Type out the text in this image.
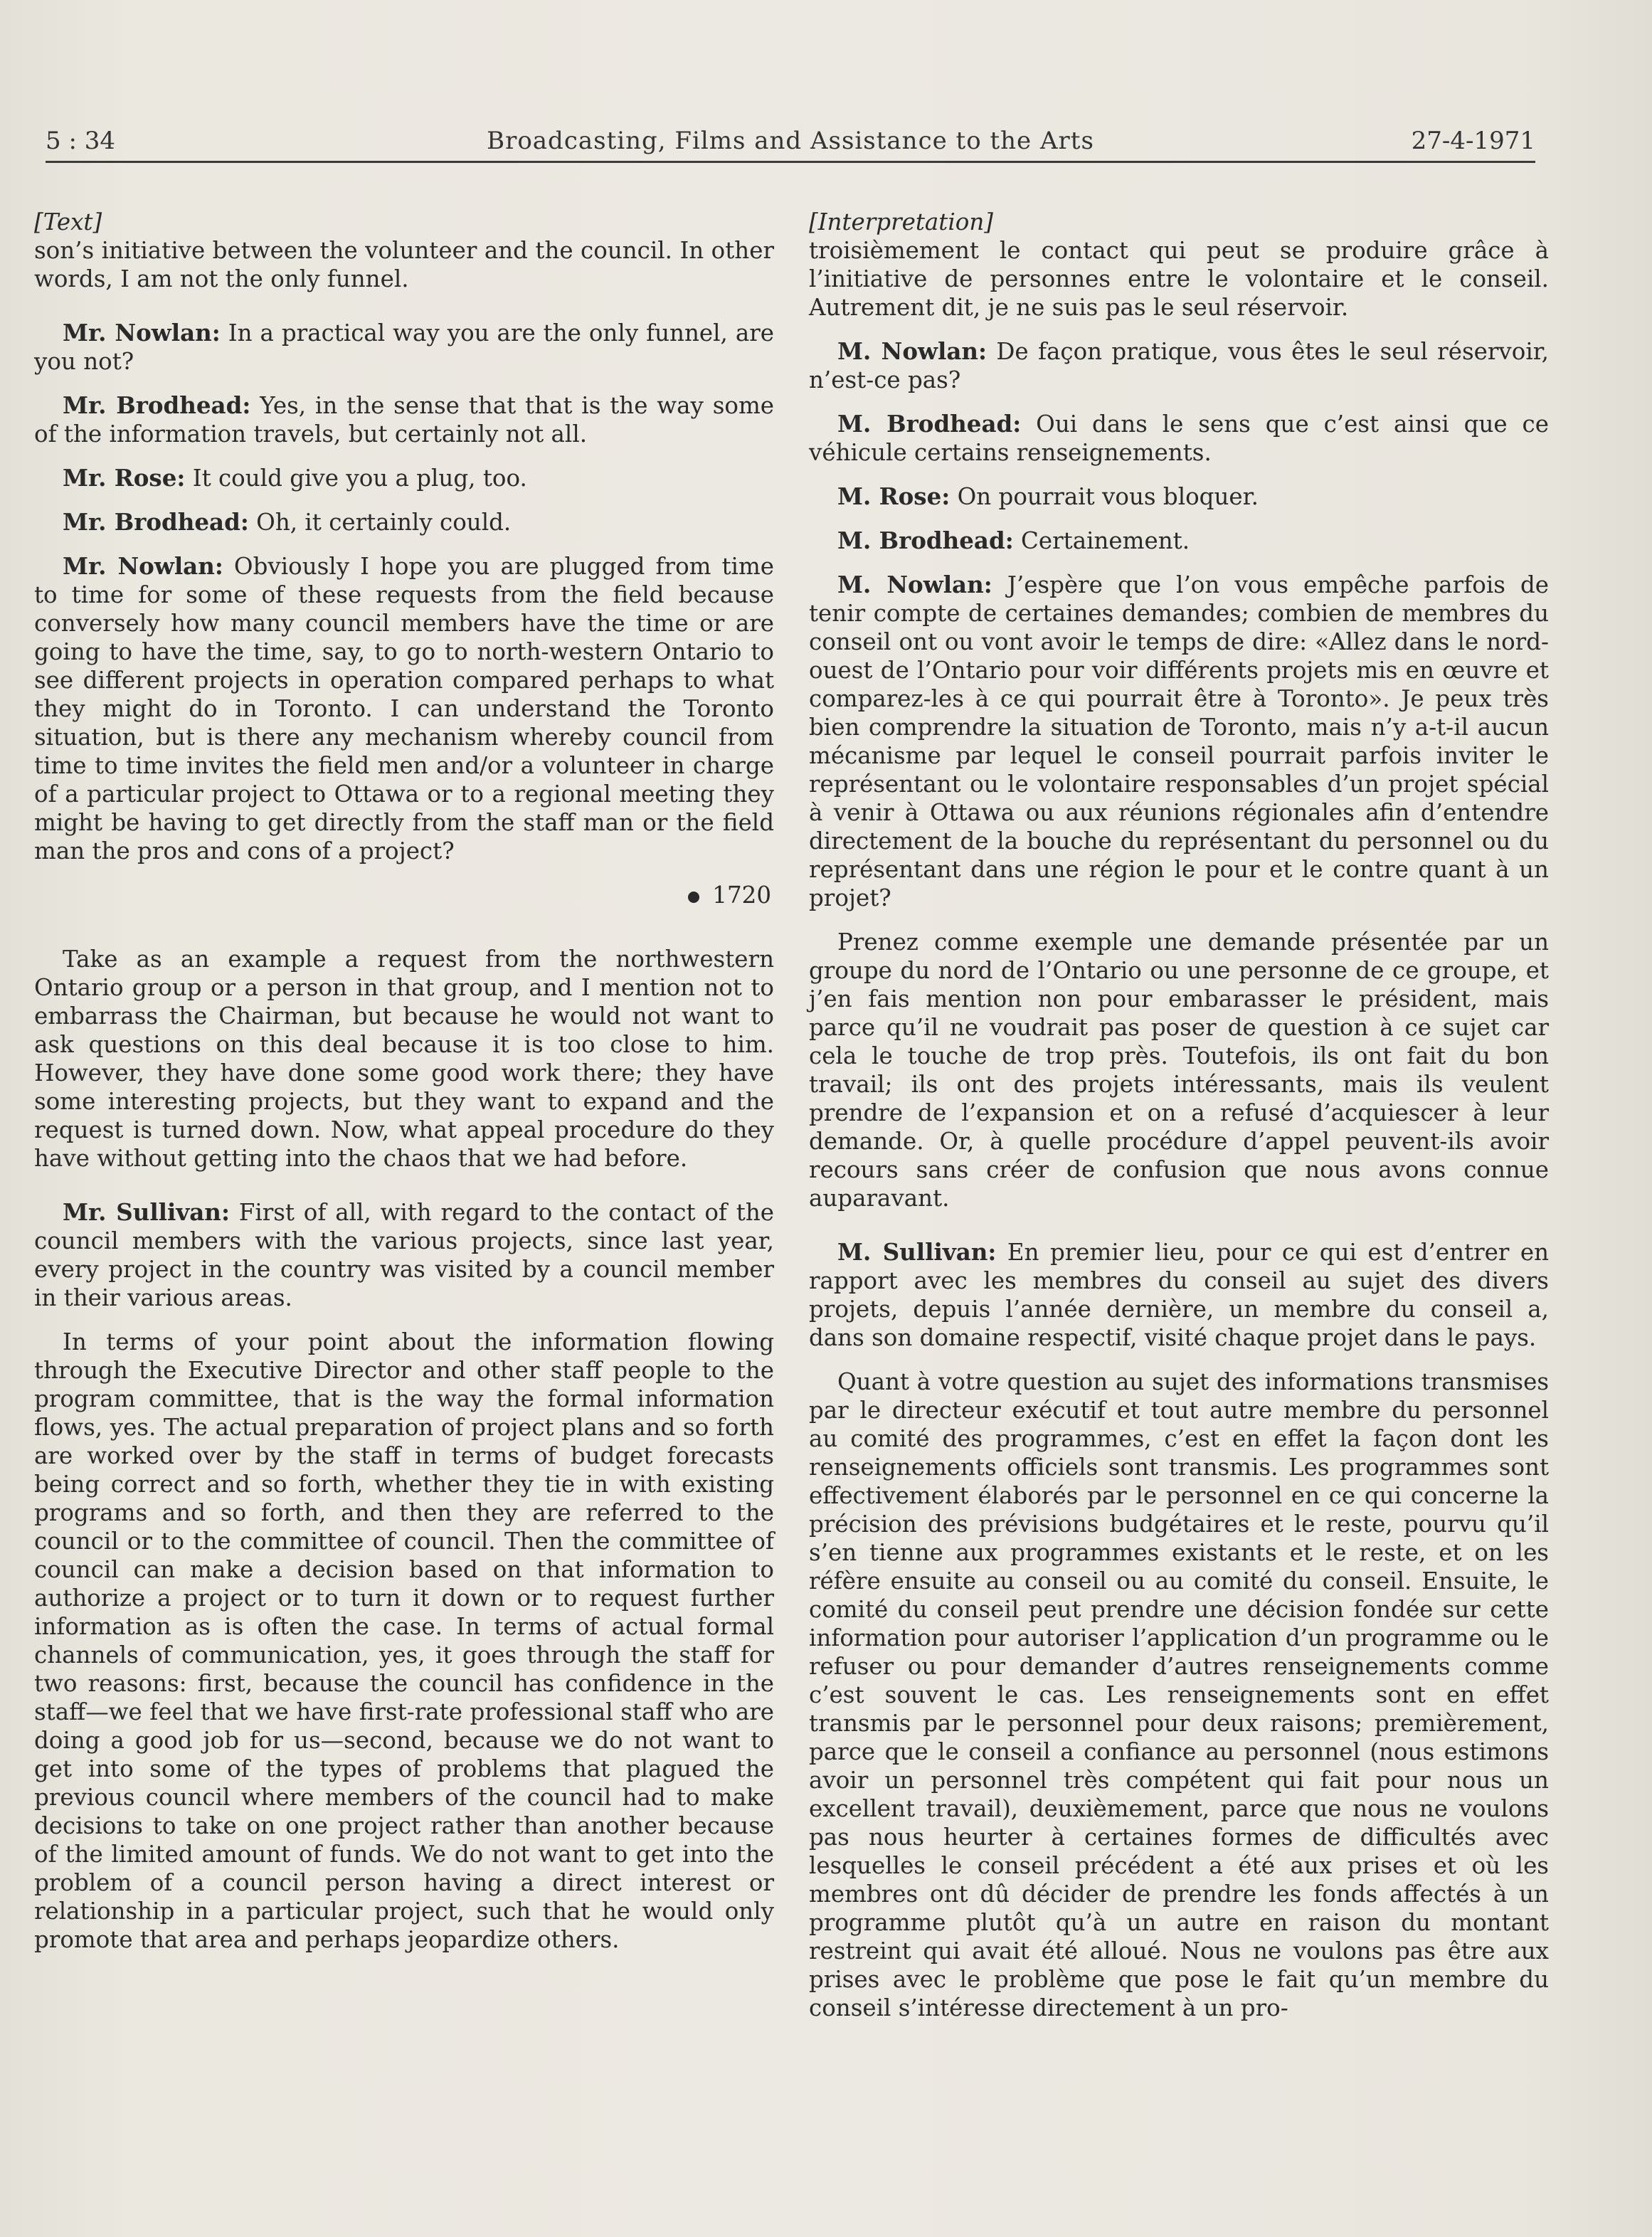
5 : 34	Broadcasting, Films and Assistance to the Arts	27-4-1971

[Text]

son’s initiative between the volunteer and the council. In other words, I am not the only funnel.

Mr. Nowlan: In a practical way you are the only funnel, are you not?

Mr. Brodhead: Yes, in the sense that that is the way some of the information travels, but certainly not all.

Mr. Rose: It could give you a plug, too.

Mr. Brodhead: Oh, it certainly could.

Mr. Nowlan: Obviously I hope you are plugged from time to time for some of these requests from the field because conversely how many council members have the time or are going to have the time, say, to go to north-western Ontario to see different projects in operation compared perhaps to what they might do in Toronto. I can understand the Toronto situation, but is there any mechanism whereby council from time to time invites the field men and/or a volunteer in charge of a particular project to Ottawa or to a regional meeting they might be having to get directly from the staff man or the field man the pros and cons of a project?

1720

Take as an example a request from the northwestern Ontario group or a person in that group, and I mention not to embarrass the Chairman, but because he would not want to ask questions on this deal because it is too close to him. However, they have done some good work there; they have some interesting projects, but they want to expand and the request is turned down. Now, what appeal procedure do they have without getting into the chaos that we had before.

Mr. Sullivan: First of all, with regard to the contact of the council members with the various projects, since last year, every project in the country was visited by a council member in their various areas.

In terms of your point about the information flowing through the Executive Director and other staff people to the program committee, that is the way the formal information flows, yes. The actual preparation of project plans and so forth are worked over by the staff in terms of budget forecasts being correct and so forth, whether they tie in with existing programs and so forth, and then they are referred to the council or to the committee of council. Then the committee of council can make a decision based on that information to authorize a project or to turn it down or to request further information as is often the case. In terms of actual formal channels of communication, yes, it goes through the staff for two reasons: first, because the council has confidence in the staff—we feel that we have first-rate professional staff who are doing a good job for us—second, because we do not want to get into some of the types of problems that plagued the previous council where members of the council had to make decisions to take on one project rather than another because of the limited amount of funds. We do not want to get into the problem of a council person having a direct interest or relationship in a particular project, such that he would only promote that area and perhaps jeopardize others.

[Interpretation]

troisièmement le contact qui peut se produire grâce à l’initiative de personnes entre le volontaire et le conseil. Autrement dit, je ne suis pas le seul réservoir.

M. Nowlan: De façon pratique, vous êtes le seul réservoir, n’est-ce pas?

M. Brodhead: Oui dans le sens que c’est ainsi que ce véhicule certains renseignements.

M. Rose: On pourrait vous bloquer.

M. Brodhead: Certainement.

M. Nowlan: J’espère que l’on vous empêche parfois de tenir compte de certaines demandes; combien de membres du conseil ont ou vont avoir le temps de dire: «Allez dans le nord-ouest de l’Ontario pour voir différents projets mis en œuvre et comparez-les à ce qui pourrait être à Toronto». Je peux très bien comprendre la situation de Toronto, mais n’y a-t-il aucun mécanisme par lequel le conseil pourrait parfois inviter le représentant ou le volontaire responsables d’un projet spécial à venir à Ottawa ou aux réunions régionales afin d’entendre directement de la bouche du représentant du personnel ou du représentant dans une région le pour et le contre quant à un projet?

Prenez comme exemple une demande présentée par un groupe du nord de l’Ontario ou une personne de ce groupe, et j’en fais mention non pour embarasser le président, mais parce qu’il ne voudrait pas poser de question à ce sujet car cela le touche de trop près. Toutefois, ils ont fait du bon travail; ils ont des projets intéressants, mais ils veulent prendre de l’expansion et on a refusé d’acquiescer à leur demande. Or, à quelle procédure d’appel peuvent-ils avoir recours sans créer de confusion que nous avons connue auparavant.

M. Sullivan: En premier lieu, pour ce qui est d’entrer en rapport avec les membres du conseil au sujet des divers projets, depuis l’année dernière, un membre du conseil a, dans son domaine respectif, visité chaque projet dans le pays.

Quant à votre question au sujet des informations transmises par le directeur exécutif et tout autre membre du personnel au comité des programmes, c’est en effet la façon dont les renseignements officiels sont transmis. Les programmes sont effectivement élaborés par le personnel en ce qui concerne la précision des prévisions budgétaires et le reste, pourvu qu’il s’en tienne aux programmes existants et le reste, et on les réfère ensuite au conseil ou au comité du conseil. Ensuite, le comité du conseil peut prendre une décision fondée sur cette information pour autoriser l’application d’un programme ou le refuser ou pour demander d’autres renseignements comme c’est souvent le cas. Les renseignements sont en effet transmis par le personnel pour deux raisons; premièrement, parce que le conseil a confiance au personnel (nous estimons avoir un personnel très compétent qui fait pour nous un excellent travail), deuxièmement, parce que nous ne voulons pas nous heurter à certaines formes de difficultés avec lesquelles le conseil précédent a été aux prises et où les membres ont dû décider de prendre les fonds affectés à un programme plutôt qu’à un autre en raison du montant restreint qui avait été alloué. Nous ne voulons pas être aux prises avec le problème que pose le fait qu’un membre du conseil s’intéresse directement à un pro-
